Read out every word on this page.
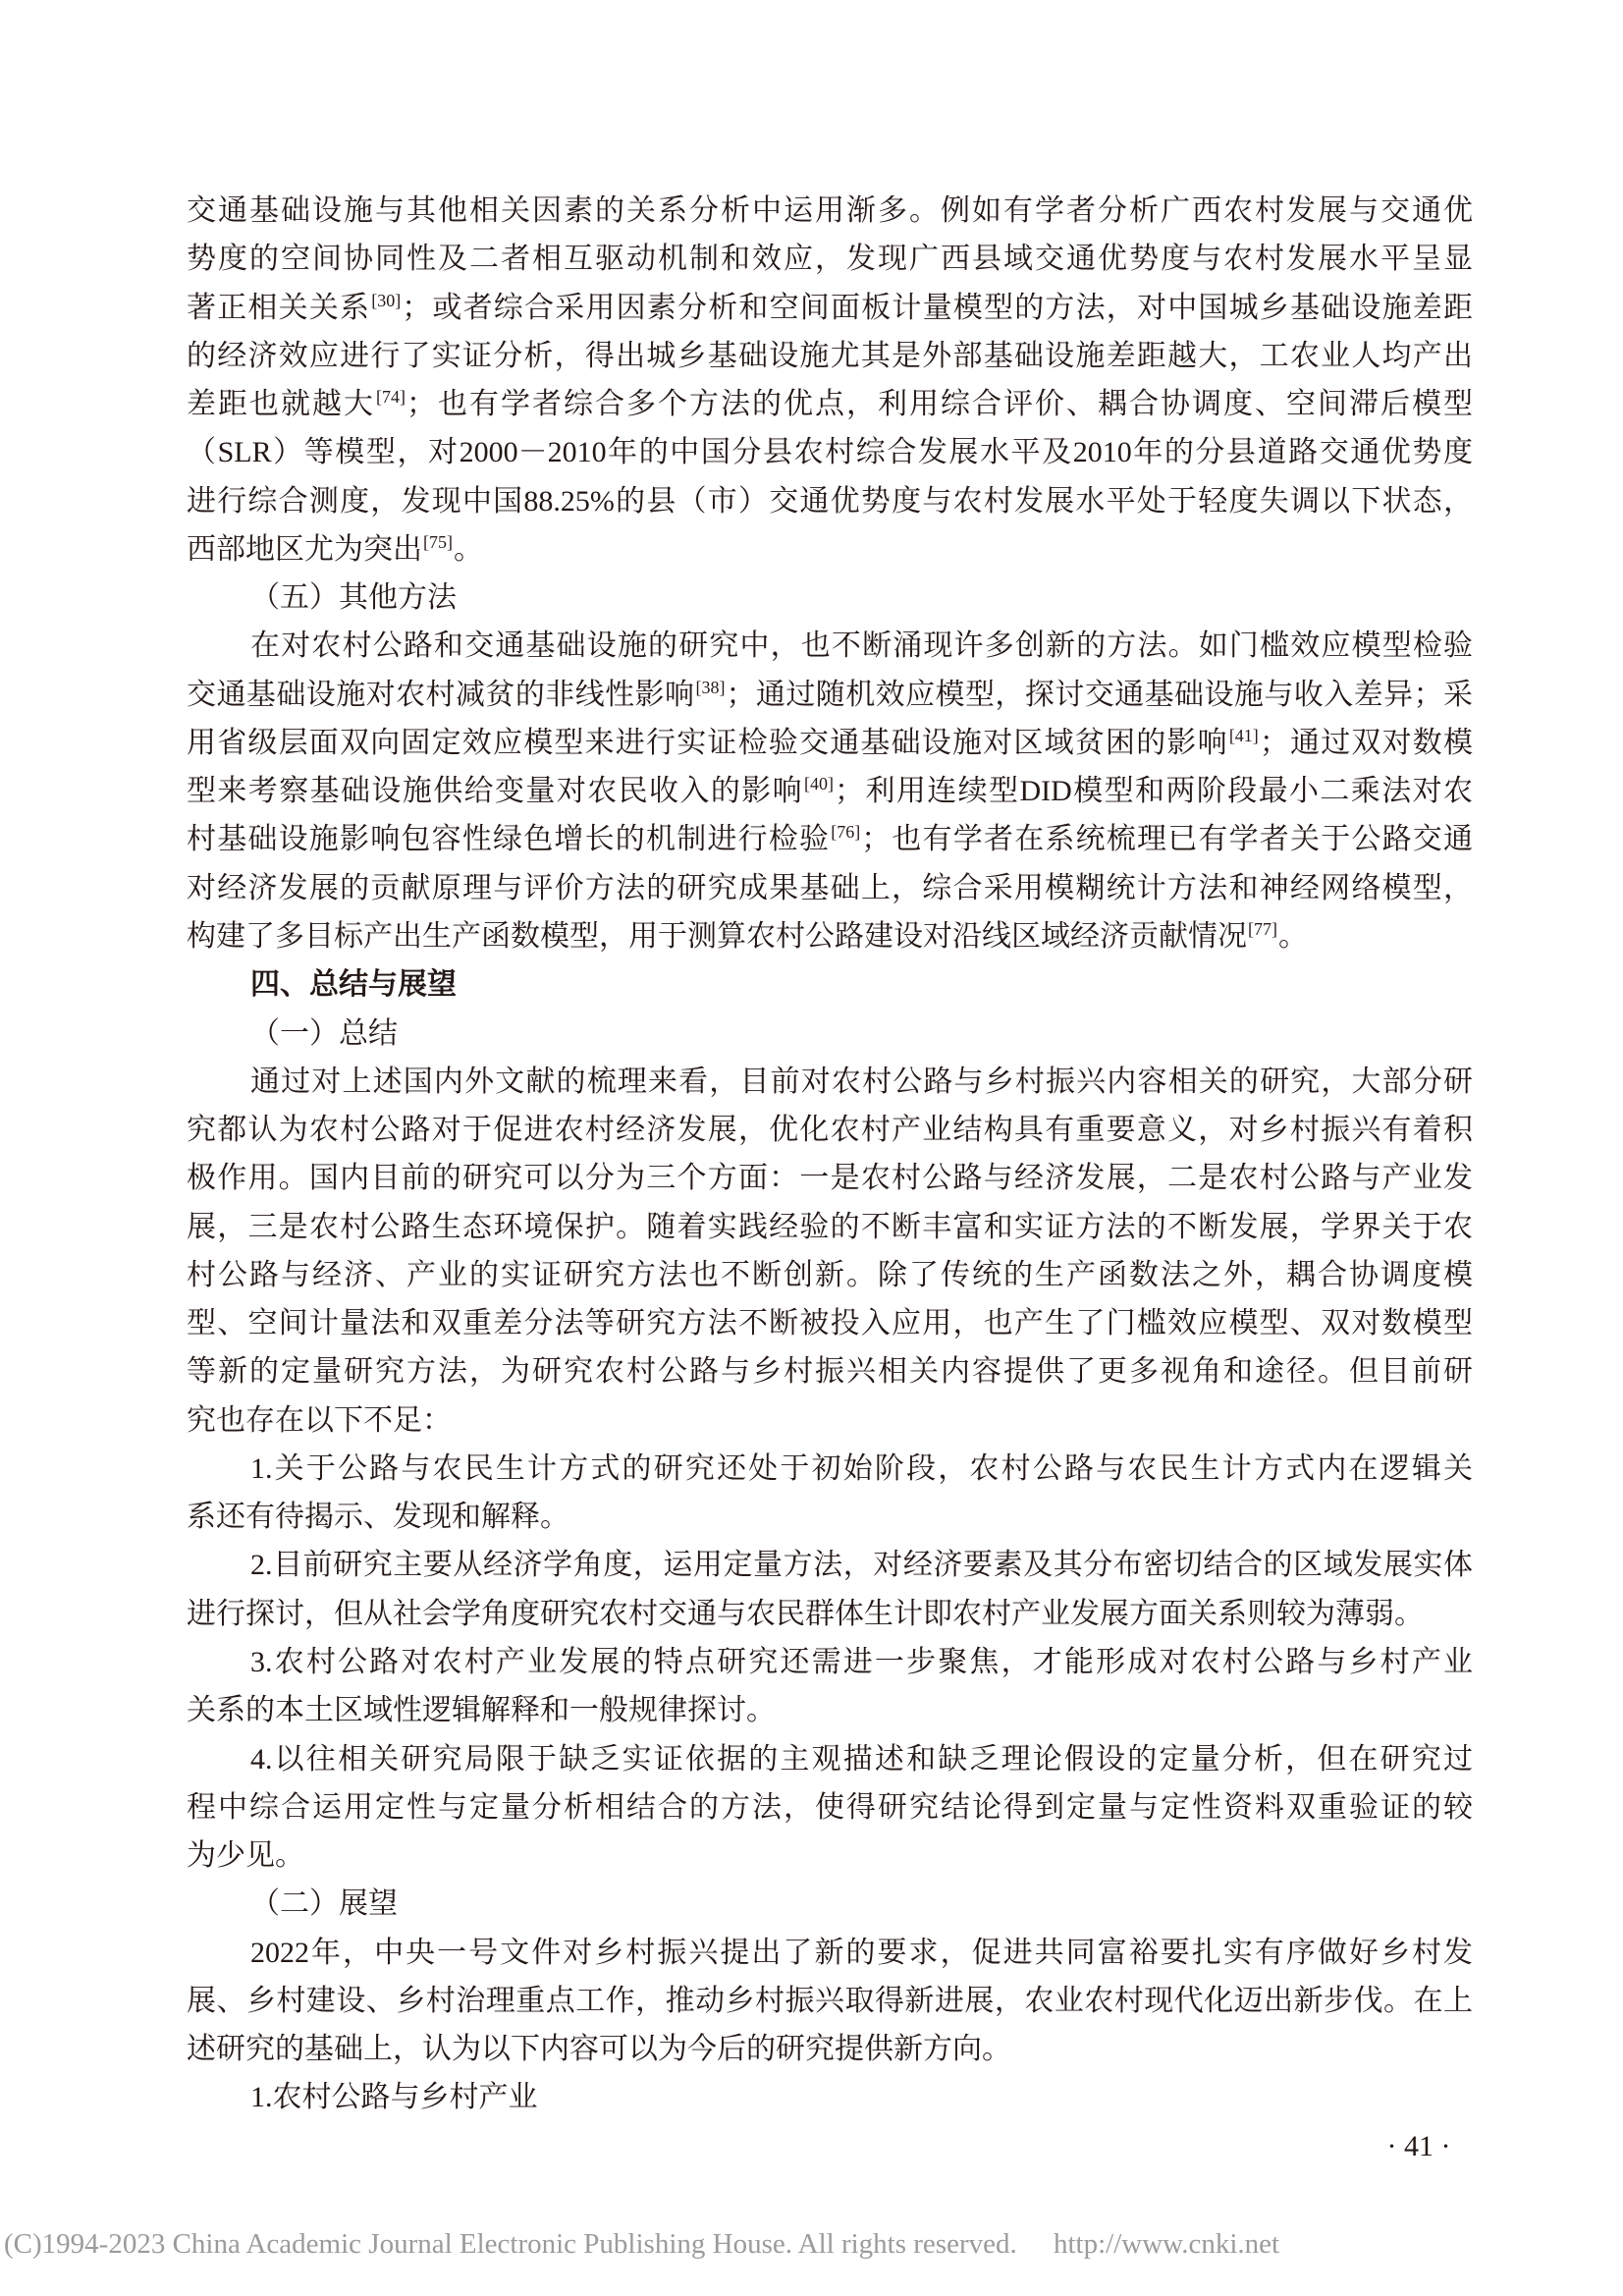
交通基础设施与其他相关因素的关系分析中运用渐多。例如有学者分析广西农村发展与交通优
势度的空间协同性及二者相互驱动机制和效应，发现广西县域交通优势度与农村发展水平呈显
著正相关关系[30]；或者综合采用因素分析和空间面板计量模型的方法，对中国城乡基础设施差距
的经济效应进行了实证分析，得出城乡基础设施尤其是外部基础设施差距越大，工农业人均产出
差距也就越大[74]；也有学者综合多个方法的优点，利用综合评价、耦合协调度、空间滞后模型
（SLR）等模型，对2000－2010年的中国分县农村综合发展水平及2010年的分县道路交通优势度
进行综合测度，发现中国88.25%的县（市）交通优势度与农村发展水平处于轻度失调以下状态，
西部地区尤为突出[75]。
（五）其他方法
在对农村公路和交通基础设施的研究中，也不断涌现许多创新的方法。如门槛效应模型检验
交通基础设施对农村减贫的非线性影响[38]；通过随机效应模型，探讨交通基础设施与收入差异；采
用省级层面双向固定效应模型来进行实证检验交通基础设施对区域贫困的影响[41]；通过双对数模
型来考察基础设施供给变量对农民收入的影响[40]；利用连续型DID模型和两阶段最小二乘法对农
村基础设施影响包容性绿色增长的机制进行检验[76]；也有学者在系统梳理已有学者关于公路交通
对经济发展的贡献原理与评价方法的研究成果基础上，综合采用模糊统计方法和神经网络模型，
构建了多目标产出生产函数模型，用于测算农村公路建设对沿线区域经济贡献情况[77]。
四、总结与展望
（一）总结
通过对上述国内外文献的梳理来看，目前对农村公路与乡村振兴内容相关的研究，大部分研
究都认为农村公路对于促进农村经济发展，优化农村产业结构具有重要意义，对乡村振兴有着积
极作用。国内目前的研究可以分为三个方面：一是农村公路与经济发展，二是农村公路与产业发
展，三是农村公路生态环境保护。随着实践经验的不断丰富和实证方法的不断发展，学界关于农
村公路与经济、产业的实证研究方法也不断创新。除了传统的生产函数法之外，耦合协调度模
型、空间计量法和双重差分法等研究方法不断被投入应用，也产生了门槛效应模型、双对数模型
等新的定量研究方法，为研究农村公路与乡村振兴相关内容提供了更多视角和途径。但目前研
究也存在以下不足：
1.关于公路与农民生计方式的研究还处于初始阶段，农村公路与农民生计方式内在逻辑关
系还有待揭示、发现和解释。
2.目前研究主要从经济学角度，运用定量方法，对经济要素及其分布密切结合的区域发展实体
进行探讨，但从社会学角度研究农村交通与农民群体生计即农村产业发展方面关系则较为薄弱。
3.农村公路对农村产业发展的特点研究还需进一步聚焦，才能形成对农村公路与乡村产业
关系的本土区域性逻辑解释和一般规律探讨。
4.以往相关研究局限于缺乏实证依据的主观描述和缺乏理论假设的定量分析，但在研究过
程中综合运用定性与定量分析相结合的方法，使得研究结论得到定量与定性资料双重验证的较
为少见。
（二）展望
2022年，中央一号文件对乡村振兴提出了新的要求，促进共同富裕要扎实有序做好乡村发
展、乡村建设、乡村治理重点工作，推动乡村振兴取得新进展，农业农村现代化迈出新步伐。在上
述研究的基础上，认为以下内容可以为今后的研究提供新方向。
1.农村公路与乡村产业
· 41 ·
(C)1994-2023 China Academic Journal Electronic Publishing House. All rights reserved. http://www.cnki.net
